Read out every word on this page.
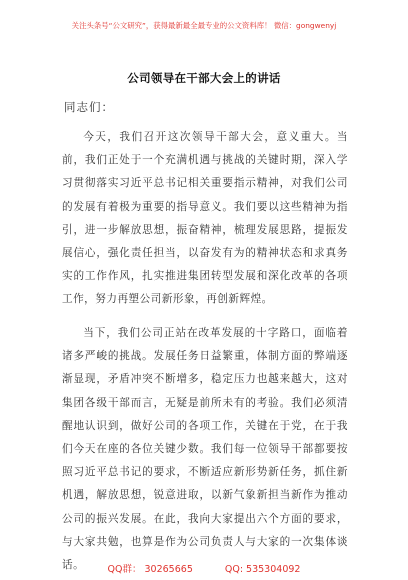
关注头条号“公文研究”，获得最新最全最专业的公文资料库！ 微信：gongwenyj
公司领导在干部大会上的讲话
同志们：

今天，我们召开这次领导干部大会，意义重大。当前，我们正处于一个充满机遇与挑战的关键时期，深入学习贯彻落实习近平总书记相关重要指示精神，对我们公司的发展有着极为重要的指导意义。我们要以这些精神为指引，进一步解放思想，振奋精神，梳理发展思路，提振发展信心，强化责任担当，以奋发有为的精神状态和求真务实的工作作风，扎实推进集团转型发展和深化改革的各项工作，努力再塑公司新形象，再创新辉煌。

当下，我们公司正站在改革发展的十字路口，面临着诸多严峻的挑战。发展任务日益繁重，体制方面的弊端逐渐显现，矛盾冲突不断增多，稳定压力也越来越大，这对集团各级干部而言，无疑是前所未有的考验。我们必须清醒地认识到，做好公司的各项工作，关键在于党，在于我们今天在座的各位关键少数。我们每一位领导干部都要按照习近平总书记的要求，不断适应新形势新任务，抓住新机遇，解放思想，锐意进取，以新气象新担当新作为推动公司的振兴发展。在此，我向大家提出六个方面的要求，与大家共勉，也算是作为公司负责人与大家的一次集体谈话。	QQ群： 30265665	QQ: 535304092
